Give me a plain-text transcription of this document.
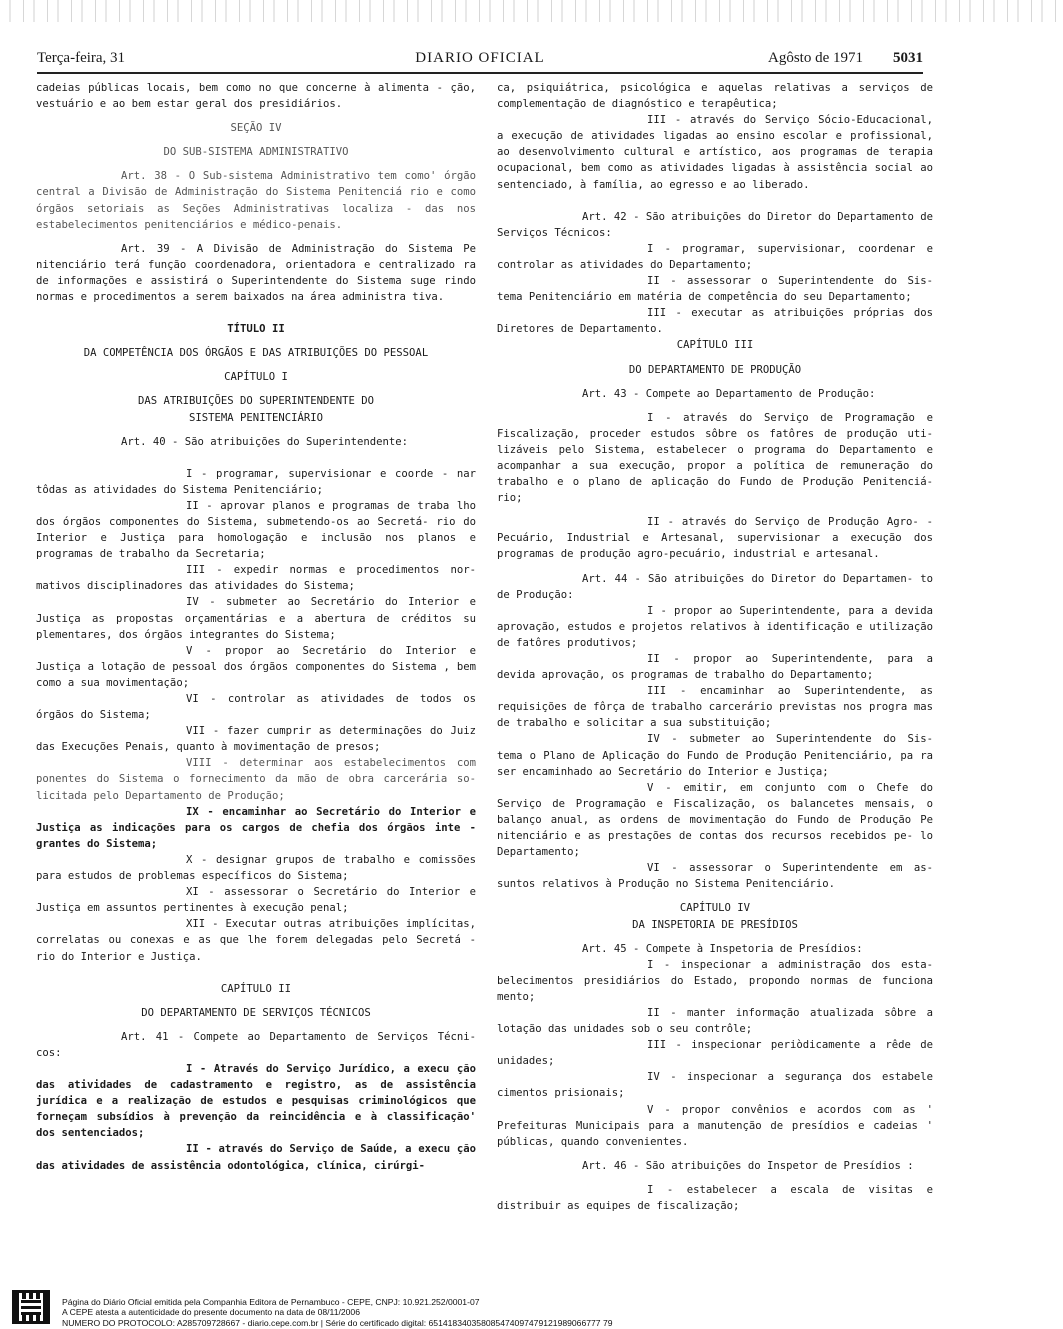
Terça-feira, 31	DIARIO OFICIAL	Agôsto de 1971 5031

cadeias públicas locais, bem como no que concerne à alimenta - ção, vestuário e ao bem estar geral dos presidiários.

SEÇÃO IV

DO SUB-SISTEMA ADMINISTRATIVO

Art. 38 - O Sub-sistema Administrativo tem como' órgão central a Divisão de Administração do Sistema Penitenciá rio e como órgãos setoriais as Seções Administrativas localiza - das nos estabelecimentos penitenciários e médico-penais.

Art. 39 - A Divisão de Administração do Sistema Pe nitenciário terá função coordenadora, orientadora e centralizado ra de informações e assistirá o Superintendente do Sistema suge rindo normas e procedimentos a serem baixados na área administra tiva.

TÍTULO II

DA COMPETÊNCIA DOS ÓRGÃOS E DAS ATRIBUIÇÕES DO PESSOAL

CAPÍTULO I

DAS ATRIBUIÇÕES DO SUPERINTENDENTE DO

SISTEMA PENITENCIÁRIO

Art. 40 - São atribuições do Superintendente:

I - programar, supervisionar e coorde - nar tôdas as atividades do Sistema Penitenciário;

II - aprovar planos e programas de traba lho dos órgãos componentes do Sistema, submetendo-os ao Secretá- rio do Interior e Justiça para homologação e inclusão nos planos e programas de trabalho da Secretaria;

III - expedir normas e procedimentos nor- mativos disciplinadores das atividades do Sistema;

IV - submeter ao Secretário do Interior e Justiça as propostas orçamentárias e a abertura de créditos su plementares, dos órgãos integrantes do Sistema;

V - propor ao Secretário do Interior e Justiça a lotação de pessoal dos órgãos componentes do Sistema , bem como a sua movimentação;

VI - controlar as atividades de todos os órgãos do Sistema;

VII - fazer cumprir as determinações do Juiz das Execuções Penais, quanto à movimentação de presos;

VIII - determinar aos estabelecimentos com ponentes do Sistema o fornecimento da mão de obra carcerária so- licitada pelo Departamento de Produção;

IX - encaminhar ao Secretário do Interior e Justiça as indicações para os cargos de chefia dos órgãos inte - grantes do Sistema;

X - designar grupos de trabalho e comissões para estudos de problemas específicos do Sistema;

XI - assessorar o Secretário do Interior e Justiça em assuntos pertinentes à execução penal;

XII - Executar outras atribuições implícitas, correlatas ou conexas e as que lhe forem delegadas pelo Secretá - rio do Interior e Justiça.

CAPÍTULO II

DO DEPARTAMENTO DE SERVIÇOS TÉCNICOS

Art. 41 - Compete ao Departamento de Serviços Técni- cos:

I - Através do Serviço Jurídico, a execu ção das atividades de cadastramento e registro, as de assistência jurídica e a realização de estudos e pesquisas criminológicos que forneçam subsídios à prevenção da reincidência e à classificação' dos sentenciados;

II - através do Serviço de Saúde, a execu ção das atividades de assistência odontológica, clínica, cirúrgi-

ca, psiquiátrica, psicológica e aquelas relativas a serviços de complementação de diagnóstico e terapêutica;

III - através do Serviço Sócio-Educacional, a execução de atividades ligadas ao ensino escolar e profissional, ao desenvolvimento cultural e artístico, aos programas de terapia ocupacional, bem como as atividades ligadas à assistência social ao sentenciado, à família, ao egresso e ao liberado.

Art. 42 - São atribuições do Diretor do Departamento de Serviços Técnicos:

I - programar, supervisionar, coordenar e controlar as atividades do Departamento;

II - assessorar o Superintendente do Sis- tema Penitenciário em matéria de competência do seu Departamento;

III - executar as atribuições próprias dos Diretores de Departamento.

CAPÍTULO III

DO DEPARTAMENTO DE PRODUÇÃO

Art. 43 - Compete ao Departamento de Produção:

I - através do Serviço de Programação e Fiscalização, proceder estudos sôbre os fatôres de produção uti- lizáveis pelo Sistema, estabelecer o programa do Departamento e acompanhar a sua execução, propor a política de remuneração do trabalho e o plano de aplicação do Fundo de Produção Penitenciá- rio;

II - através do Serviço de Produção Agro- -Pecuário, Industrial e Artesanal, supervisionar a execução dos programas de produção agro-pecuário, industrial e artesanal.

Art. 44 - São atribuições do Diretor do Departamen- to de Produção:

I - propor ao Superintendente, para a devida aprovação, estudos e projetos relativos à identificação e utilização de fatôres produtivos;

II - propor ao Superintendente, para a devida aprovação, os programas de trabalho do Departamento;

III - encaminhar ao Superintendente, as requisições de fôrça de trabalho carcerário previstas nos progra mas de trabalho e solicitar a sua substituição;

IV - submeter ao Superintendente do Sis- tema o Plano de Aplicação do Fundo de Produção Penitenciário, pa ra ser encaminhado ao Secretário do Interior e Justiça;

V - emitir, em conjunto com o Chefe do Serviço de Programação e Fiscalização, os balancetes mensais, o balanço anual, as ordens de movimentação do Fundo de Produção Pe nitenciário e as prestações de contas dos recursos recebidos pe- lo Departamento;

VI - assessorar o Superintendente em as- suntos relativos à Produção no Sistema Penitenciário.

CAPÍTULO IV

DA INSPETORIA DE PRESÍDIOS

Art. 45 - Compete à Inspetoria de Presídios:

I - inspecionar a administração dos esta- belecimentos presidiários do Estado, propondo normas de funciona mento;

II - manter informação atualizada sôbre a lotação das unidades sob o seu contrôle;

III - inspecionar periòdicamente a rêde de unidades;

IV - inspecionar a segurança dos estabele cimentos prisionais;

V - propor convênios e acordos com as ' Prefeituras Municipais para a manutenção de presídios e cadeias ' públicas, quando convenientes.

Art. 46 - São atribuições do Inspetor de Presídios :

I - estabelecer a escala de visitas e distribuir as equipes de fiscalização;

Página do Diário Oficial emitida pela Companhia Editora de Pernambuco - CEPE, CNPJ: 10.921.252/0001-07
A CEPE atesta a autenticidade do presente documento na data de 08/11/2006
NUMERO DO PROTOCOLO: A285709728667 - diario.cepe.com.br | Série do certificado digital: 651418340358085474097479121989066777 79
